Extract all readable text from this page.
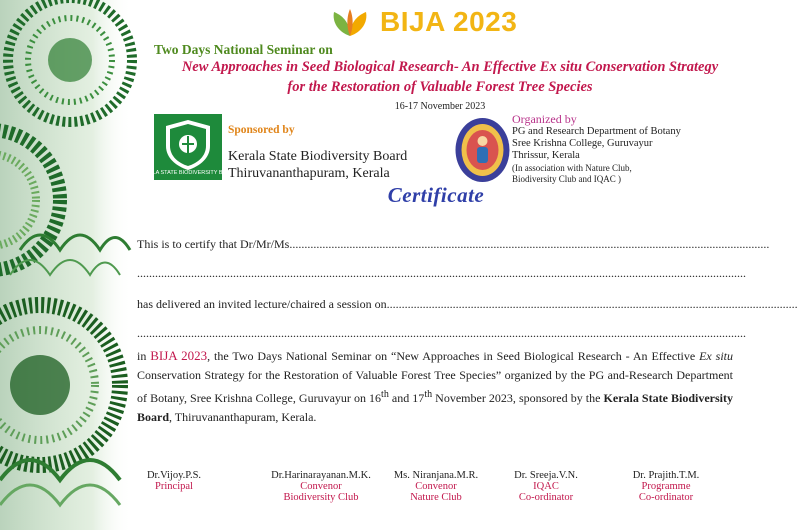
BIJA 2023
Two Days National Seminar on
New Approaches in Seed Biological Research- An Effective Ex situ Conservation Strategy
for the Restoration of Valuable Forest Tree Species
16-17 November 2023
KERALA STATE BIODIVERSITY BOARD
Sponsored by
Kerala State Biodiversity Board
Thiruvananthapuram, Kerala
Organized by
PG and Research Department of Botany
Sree Krishna College, Guruvayur
Thrissur, Kerala
(In association with Nature Club,
Biodiversity Club and IQAC )
Certificate
This is to certify that Dr/Mr/Ms................................................................................................................................................................
...........................................................................................................................................................................................................
has delivered an invited lecture/chaired a session on.........................................................................................................................................
...........................................................................................................................................................................................................
in BIJA 2023, the Two Days National Seminar on “New Approaches in Seed Biological Research - An Effective Ex situ Conservation Strategy for the Restoration of Valuable Forest Tree Species” organized by the PG and-Research Department of Botany, Sree Krishna College, Guruvayur on 16th and 17th November 2023, sponsored by the Kerala State Biodiversity Board, Thiruvananthapuram, Kerala.
Dr.Vijoy.P.S.
Principal
Dr.Harinarayanan.M.K.
Convenor
Biodiversity Club
Ms. Niranjana.M.R.
Convenor
Nature Club
Dr. Sreeja.V.N.
IQAC
Co-ordinator
Dr. Prajith.T.M.
Programme
Co-ordinator
